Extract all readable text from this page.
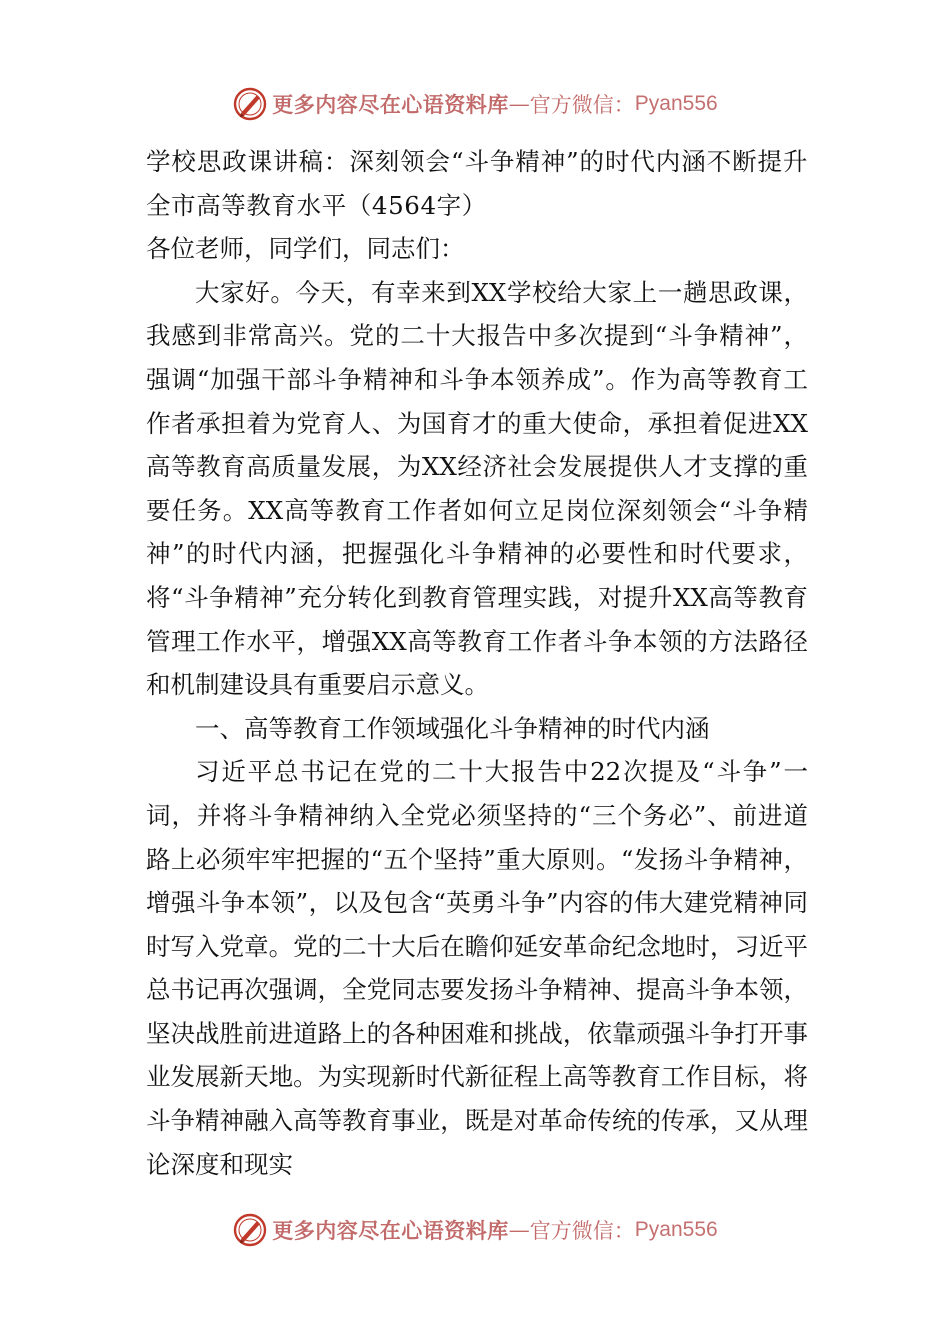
更多内容尽在心语资料库 — 官方微信： Pyan556

学校思政课讲稿：深刻领会“斗争精神”的时代内涵不断提升全市高等教育水平（4564字）

各位老师，同学们，同志们：

大家好。今天，有幸来到XX学校给大家上一趟思政课，我感到非常高兴。党的二十大报告中多次提到“斗争精神”，强调“加强干部斗争精神和斗争本领养成”。作为高等教育工作者承担着为党育人、为国育才的重大使命，承担着促进XX高等教育高质量发展，为XX经济社会发展提供人才支撑的重要任务。XX高等教育工作者如何立足岗位深刻领会“斗争精神”的时代内涵，把握强化斗争精神的必要性和时代要求，将“斗争精神”充分转化到教育管理实践，对提升XX高等教育管理工作水平，增强XX高等教育工作者斗争本领的方法路径和机制建设具有重要启示意义。

一、高等教育工作领域强化斗争精神的时代内涵

习近平总书记在党的二十大报告中22次提及“斗争”一词，并将斗争精神纳入全党必须坚持的“三个务必”、前进道路上必须牢牢把握的“五个坚持”重大原则。“发扬斗争精神，增强斗争本领”，以及包含“英勇斗争”内容的伟大建党精神同时写入党章。党的二十大后在瞻仰延安革命纪念地时，习近平总书记再次强调，全党同志要发扬斗争精神、提高斗争本领，坚决战胜前进道路上的各种困难和挑战，依靠顽强斗争打开事业发展新天地。为实现新时代新征程上高等教育工作目标，将斗争精神融入高等教育事业，既是对革命传统的传承，又从理论深度和现实

更多内容尽在心语资料库 — 官方微信： Pyan556
